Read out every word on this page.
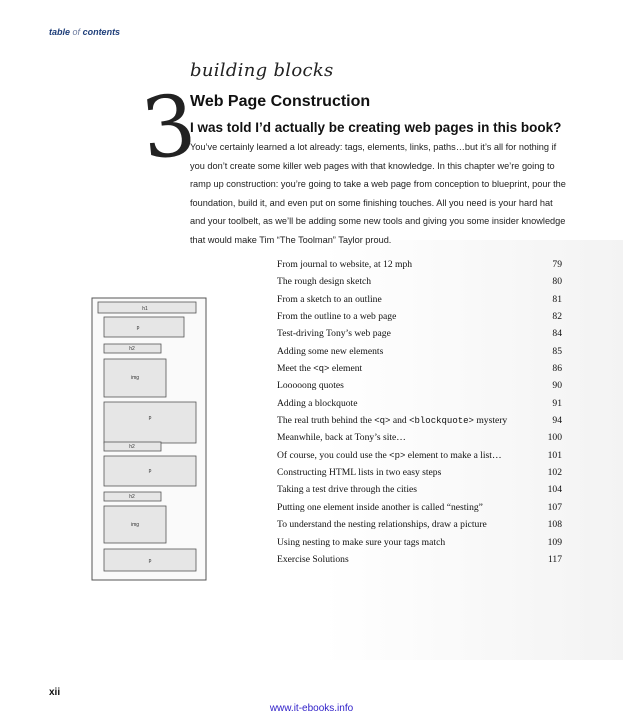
table of contents
building blocks
3
Web Page Construction
I was told I’d actually be creating web pages in this book?
You’ve certainly learned a lot already: tags, elements, links, paths…but it’s all for nothing if you don’t create some killer web pages with that knowledge. In this chapter we’re going to ramp up construction: you’re going to take a web page from conception to blueprint, pour the foundation, build it, and even put on some finishing touches. All you need is your hard hat and your toolbelt, as we’ll be adding some new tools and giving you some insider knowledge that would make Tim “The Toolman” Taylor proud.
h1
p
h2
img
p
h2
p
h2
img
p
From journal to website, at 12 mph	79
The rough design sketch	80
From a sketch to an outline	81
From the outline to a web page	82
Test-driving Tony’s web page	84
Adding some new elements	85
Meet the <q> element	86
Looooong quotes	90
Adding a blockquote	91
The real truth behind the <q> and <blockquote> mystery	94
Meanwhile, back at Tony’s site…	100
Of course, you could use the <p> element to make a list…	101
Constructing HTML lists in two easy steps	102
Taking a test drive through the cities	104
Putting one element inside another is called “nesting”	107
To understand the nesting relationships, draw a picture	108
Using nesting to make sure your tags match	109
Exercise Solutions	117
xii
www.it-ebooks.info
